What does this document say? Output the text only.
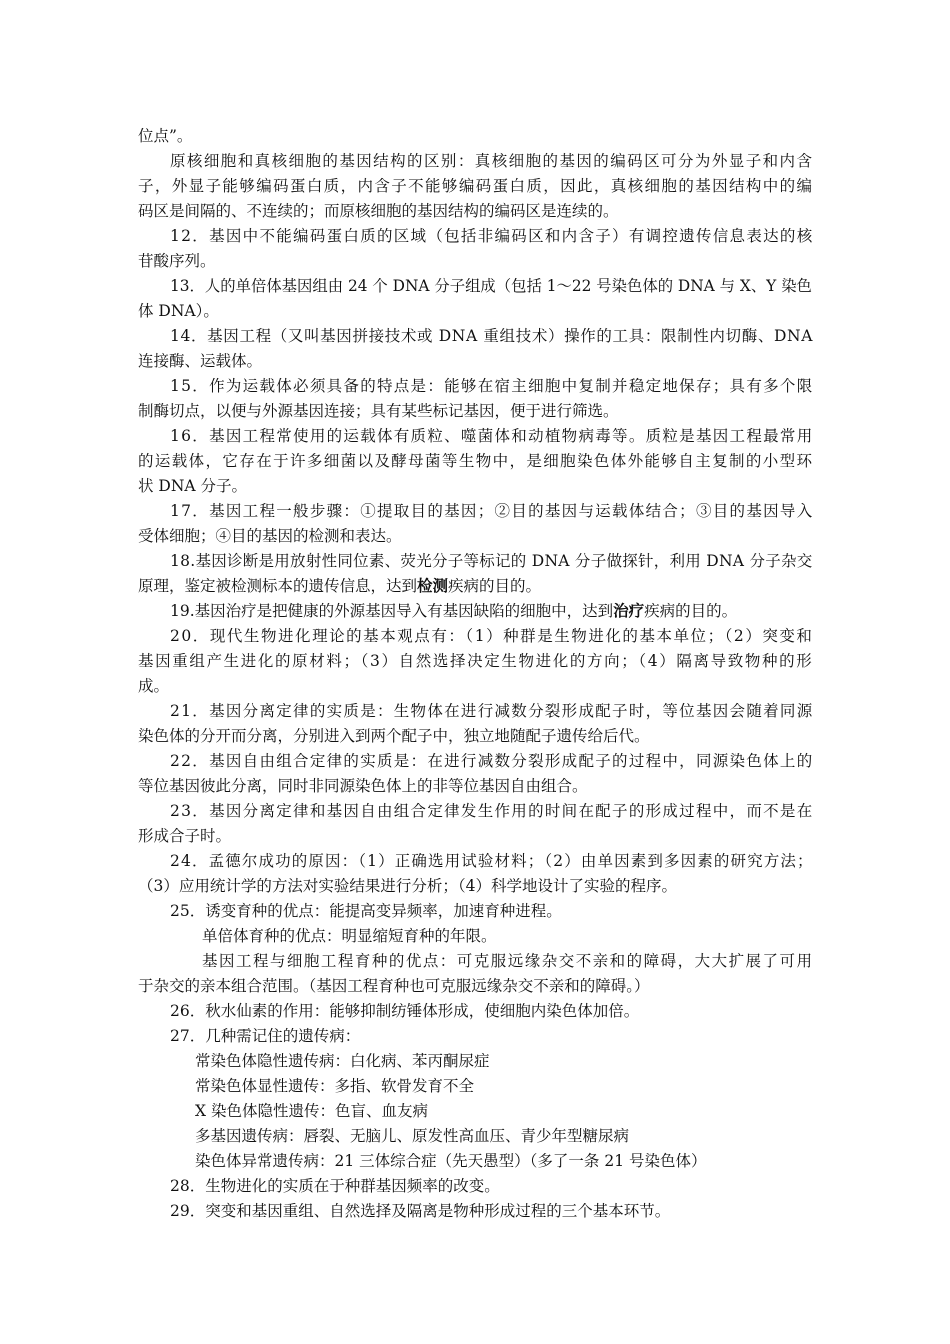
位点”。
原核细胞和真核细胞的基因结构的区别：真核细胞的基因的编码区可分为外显子和内含
子，外显子能够编码蛋白质，内含子不能够编码蛋白质，因此，真核细胞的基因结构中的编
码区是间隔的、不连续的；而原核细胞的基因结构的编码区是连续的。
12．基因中不能编码蛋白质的区域（包括非编码区和内含子）有调控遗传信息表达的核
苷酸序列。
13．人的单倍体基因组由 24 个 DNA 分子组成（包括 1～22 号染色体的 DNA 与 X、Y 染色
体 DNA）。
14．基因工程（又叫基因拼接技术或 DNA 重组技术）操作的工具：限制性内切酶、DNA
连接酶、运载体。
15．作为运载体必须具备的特点是：能够在宿主细胞中复制并稳定地保存；具有多个限
制酶切点，以便与外源基因连接；具有某些标记基因，便于进行筛选。
16．基因工程常使用的运载体有质粒、噬菌体和动植物病毒等。质粒是基因工程最常用
的运载体，它存在于许多细菌以及酵母菌等生物中，是细胞染色体外能够自主复制的小型环
状 DNA 分子。
17．基因工程一般步骤：①提取目的基因；②目的基因与运载体结合；③目的基因导入
受体细胞；④目的基因的检测和表达。
18.基因诊断是用放射性同位素、荧光分子等标记的 DNA 分子做探针，利用 DNA 分子杂交
原理，鉴定被检测标本的遗传信息，达到检测疾病的目的。
19.基因治疗是把健康的外源基因导入有基因缺陷的细胞中，达到治疗疾病的目的。
20．现代生物进化理论的基本观点有：（1）种群是生物进化的基本单位；（2）突变和
基因重组产生进化的原材料；（3）自然选择决定生物进化的方向；（4）隔离导致物种的形
成。
21．基因分离定律的实质是：生物体在进行减数分裂形成配子时，等位基因会随着同源
染色体的分开而分离，分别进入到两个配子中，独立地随配子遗传给后代。
22．基因自由组合定律的实质是：在进行减数分裂形成配子的过程中，同源染色体上的
等位基因彼此分离，同时非同源染色体上的非等位基因自由组合。
23．基因分离定律和基因自由组合定律发生作用的时间在配子的形成过程中，而不是在
形成合子时。
24．孟德尔成功的原因：（1）正确选用试验材料；（2）由单因素到多因素的研究方法；
（3）应用统计学的方法对实验结果进行分析；（4）科学地设计了实验的程序。
25．诱变育种的优点：能提高变异频率，加速育种进程。
单倍体育种的优点：明显缩短育种的年限。
基因工程与细胞工程育种的优点：可克服远缘杂交不亲和的障碍，大大扩展了可用
于杂交的亲本组合范围。（基因工程育种也可克服远缘杂交不亲和的障碍。）
26．秋水仙素的作用：能够抑制纺锤体形成，使细胞内染色体加倍。
27．几种需记住的遗传病：
常染色体隐性遗传病：白化病、苯丙酮尿症
常染色体显性遗传：多指、软骨发育不全
X 染色体隐性遗传：色盲、血友病
多基因遗传病：唇裂、无脑儿、原发性高血压、青少年型糖尿病
染色体异常遗传病：21 三体综合症（先天愚型）（多了一条 21 号染色体）
28．生物进化的实质在于种群基因频率的改变。
29．突变和基因重组、自然选择及隔离是物种形成过程的三个基本环节。
